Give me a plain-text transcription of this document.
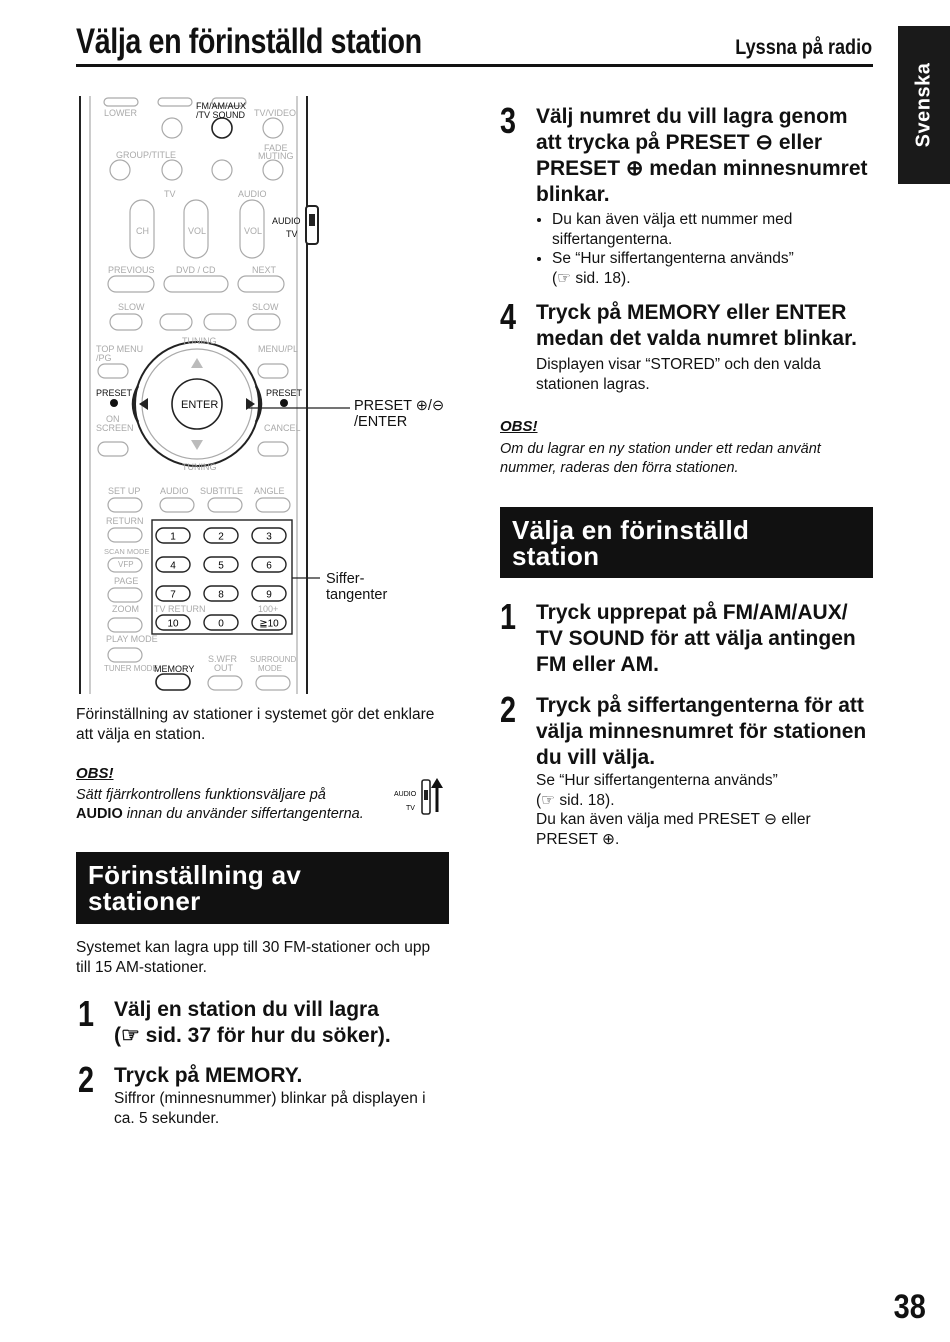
Välja en förinställd station	Lyssna på radio
Svenska
1	2	3
4	5	6
7	8	9
10	0	≧10
LOWER	TV/VIDEO
GROUP/TITLE
FADE
MUTING
TV	AUDIO
CH	VOL	VOL
PREVIOUS DVD / CD	NEXT
SLOW	SLOW
TOP MENU
/PG
TUNING
MENU/PL
ON
SCREEN	CANCEL
TUNING
SET UP AUDIO SUBTITLE ANGLE
RETURN
SCAN MODE
VFP
PAGE
ZOOM TV RETURN	100+
PLAY MODE
TUNER MODE
S.WFR
OUT
SURROUND
MODE
FM/AM/AUX
/TV SOUND
AUDIO
TV
PRESET	PRESET
ENTER
MEMORY
PRESET ⊕/⊖
/ENTER
Siffer-
tangenter
Förinställning av stationer i systemet gör det enklare att välja en station.
OBS!
Sätt fjärrkontrollens funktionsväljare på
AUDIO innan du använder siffertangenterna.
AUDIO
TV
Förinställning av
stationer
Systemet kan lagra upp till 30 FM-stationer och upp till 15 AM-stationer.
1 Välj en station du vill lagra
(☞ sid. 37 för hur du söker).
2 Tryck på MEMORY.
Siffror (minnesnummer) blinkar på displayen i ca. 5 sekunder.
3 Välj numret du vill lagra genom att trycka på PRESET ⊖ eller PRESET ⊕ medan minnesnumret blinkar.
• Du kan även välja ett nummer med siffertangenterna.
• Se “Hur siffertangenterna används”
(☞ sid. 18).
4 Tryck på MEMORY eller ENTER medan det valda numret blinkar.
Displayen visar “STORED” och den valda stationen lagras.
OBS!
Om du lagrar en ny station under ett redan använt nummer, raderas den förra stationen.
Välja en förinställd
station
1 Tryck upprepat på FM/AM/AUX/ TV SOUND för att välja antingen FM eller AM.
2 Tryck på siffertangenterna för att välja minnesnumret för stationen du vill välja.
Se “Hur siffertangenterna används”
(☞ sid. 18).
Du kan även välja med PRESET ⊖ eller
PRESET ⊕.
38
